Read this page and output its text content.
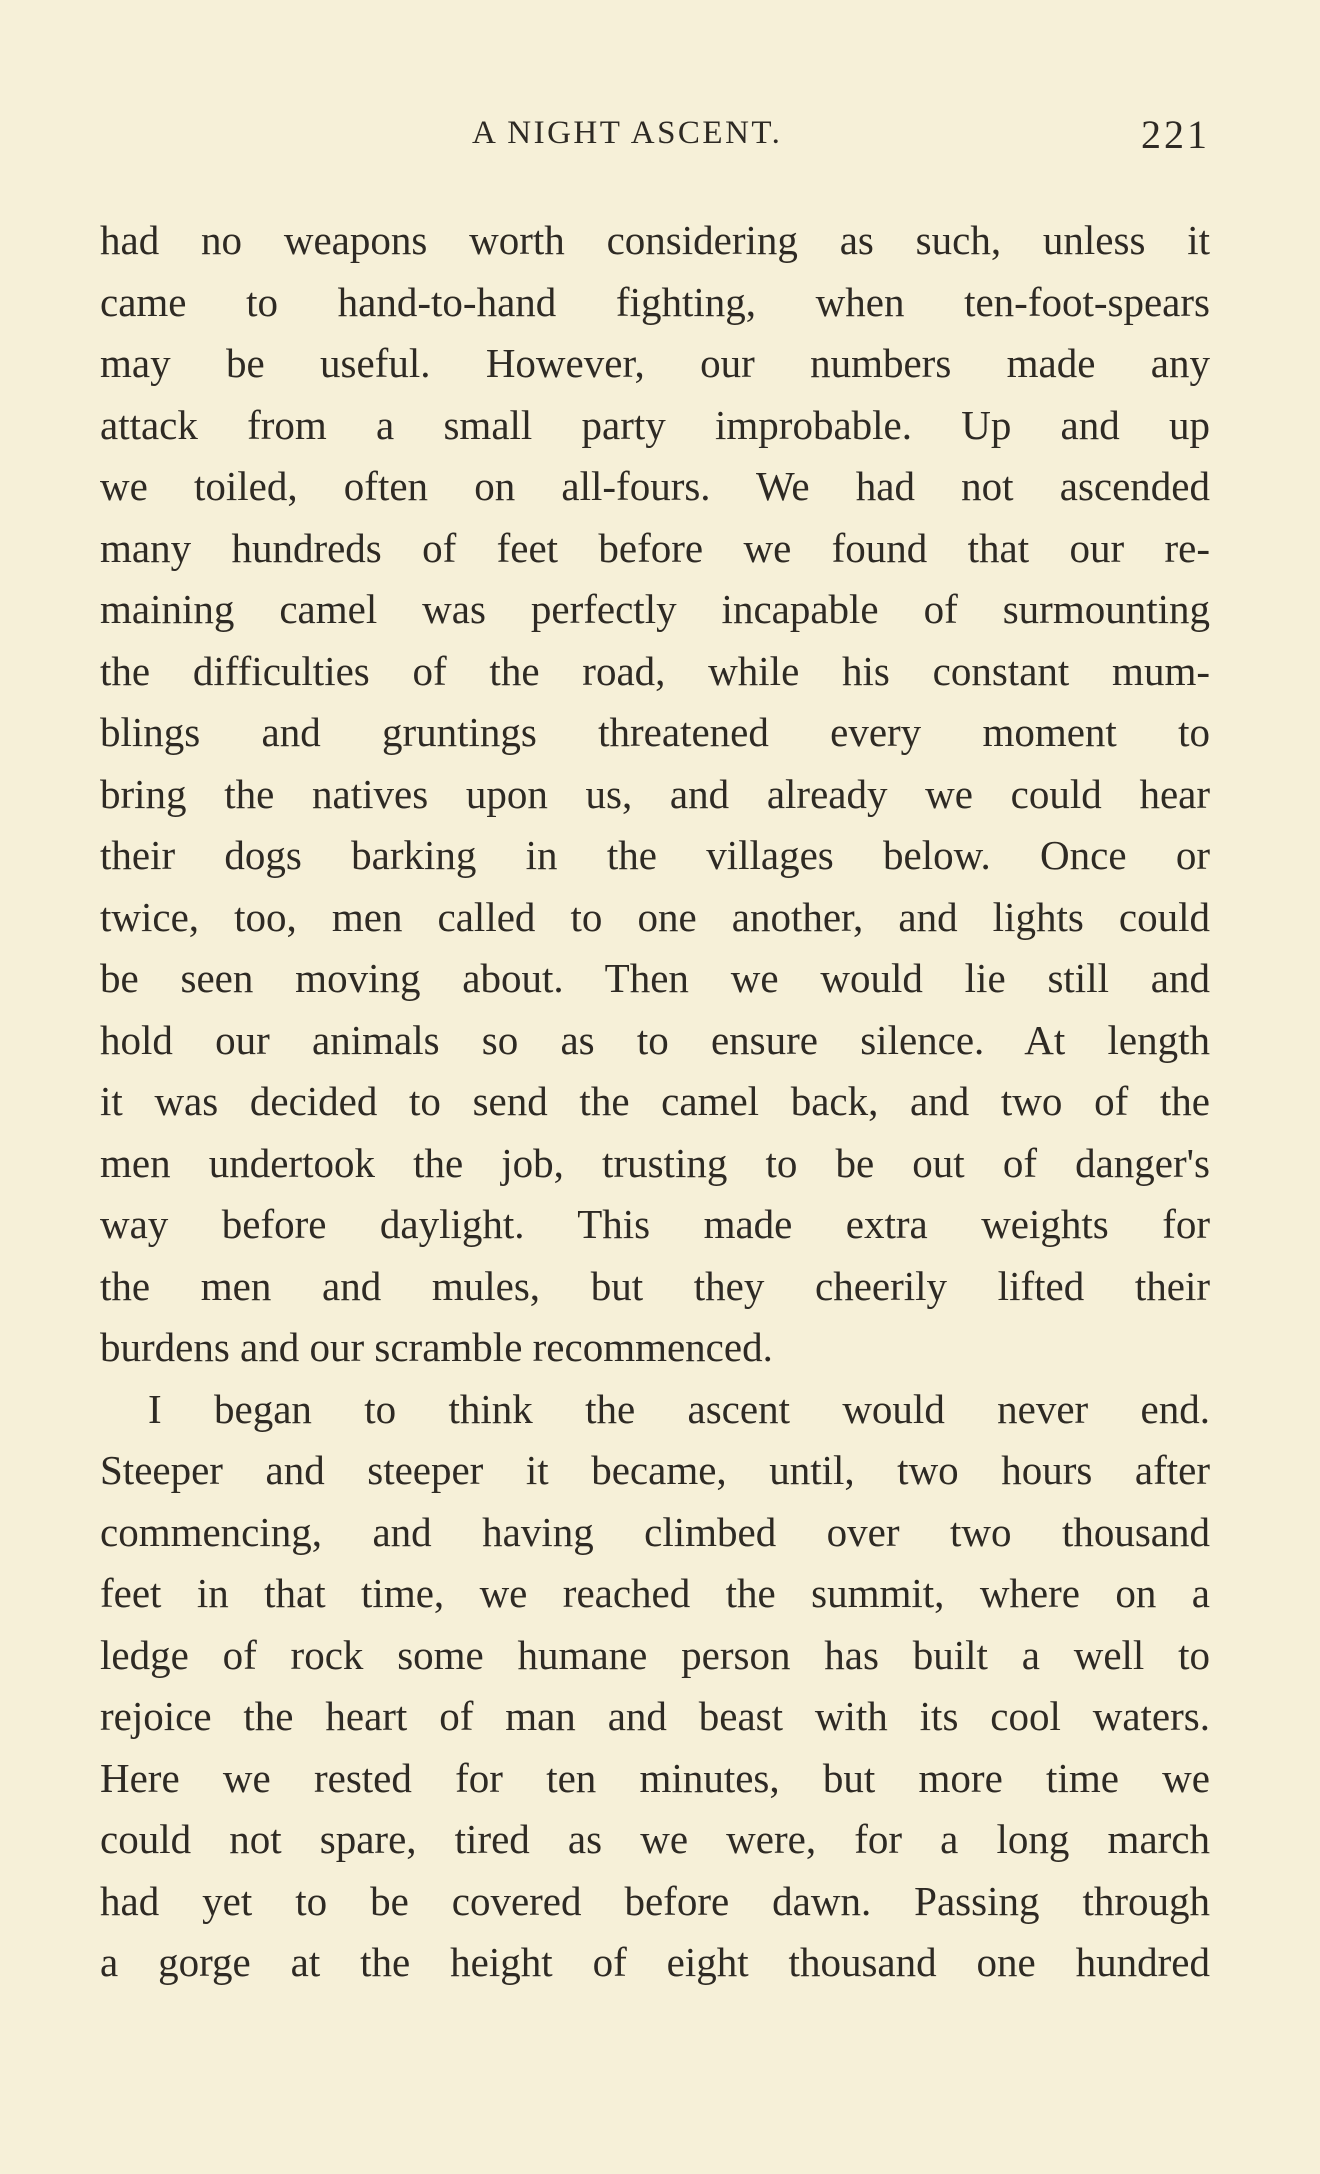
A NIGHT ASCENT.	221
had no weapons worth considering as such, unless it
came to hand-to-hand fighting, when ten-foot-spears
may be useful. However, our numbers made any
attack from a small party improbable. Up and up
we toiled, often on all-fours. We had not ascended
many hundreds of feet before we found that our re-
maining camel was perfectly incapable of surmounting
the difficulties of the road, while his constant mum-
blings and gruntings threatened every moment to
bring the natives upon us, and already we could hear
their dogs barking in the villages below. Once or
twice, too, men called to one another, and lights could
be seen moving about. Then we would lie still and
hold our animals so as to ensure silence. At length
it was decided to send the camel back, and two of the
men undertook the job, trusting to be out of danger's
way before daylight. This made extra weights for
the men and mules, but they cheerily lifted their
burdens and our scramble recommenced.
I began to think the ascent would never end.
Steeper and steeper it became, until, two hours after
commencing, and having climbed over two thousand
feet in that time, we reached the summit, where on a
ledge of rock some humane person has built a well to
rejoice the heart of man and beast with its cool waters.
Here we rested for ten minutes, but more time we
could not spare, tired as we were, for a long march
had yet to be covered before dawn. Passing through
a gorge at the height of eight thousand one hundred
